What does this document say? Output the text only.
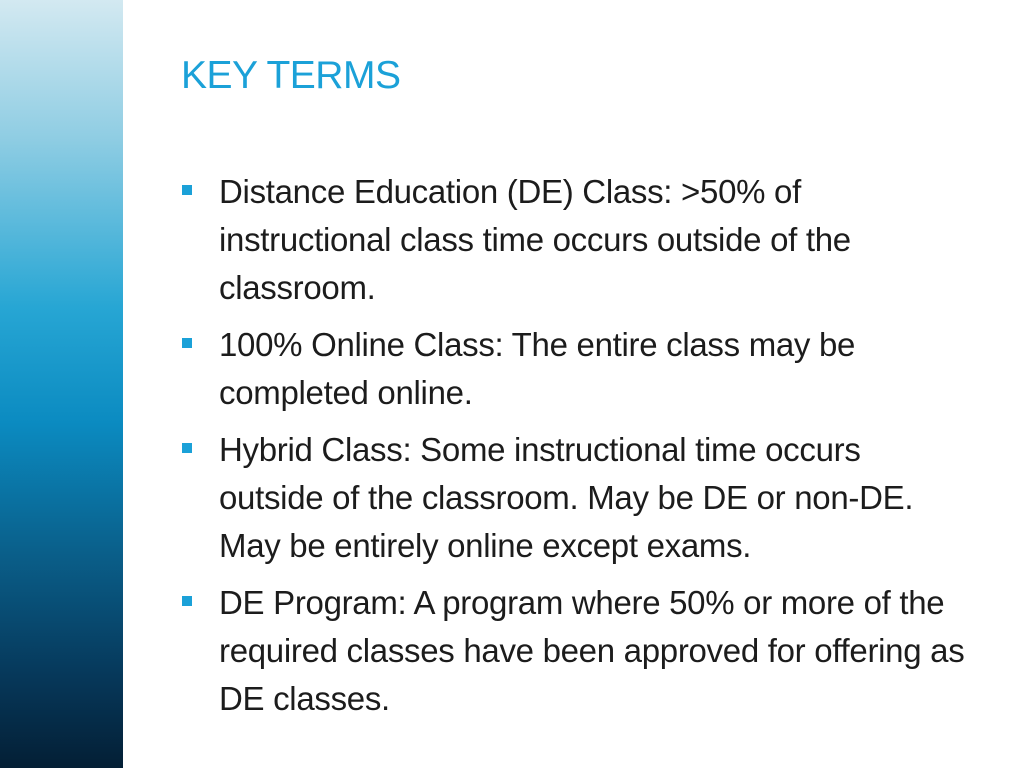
KEY TERMS
Distance Education (DE) Class: >50% of instructional class time occurs outside of the classroom.
100% Online Class: The entire class may be completed online.
Hybrid Class: Some instructional time occurs outside of the classroom. May be DE or non-DE. May be entirely online except exams.
DE Program: A program where 50% or more of the required classes have been approved for offering as DE classes.
